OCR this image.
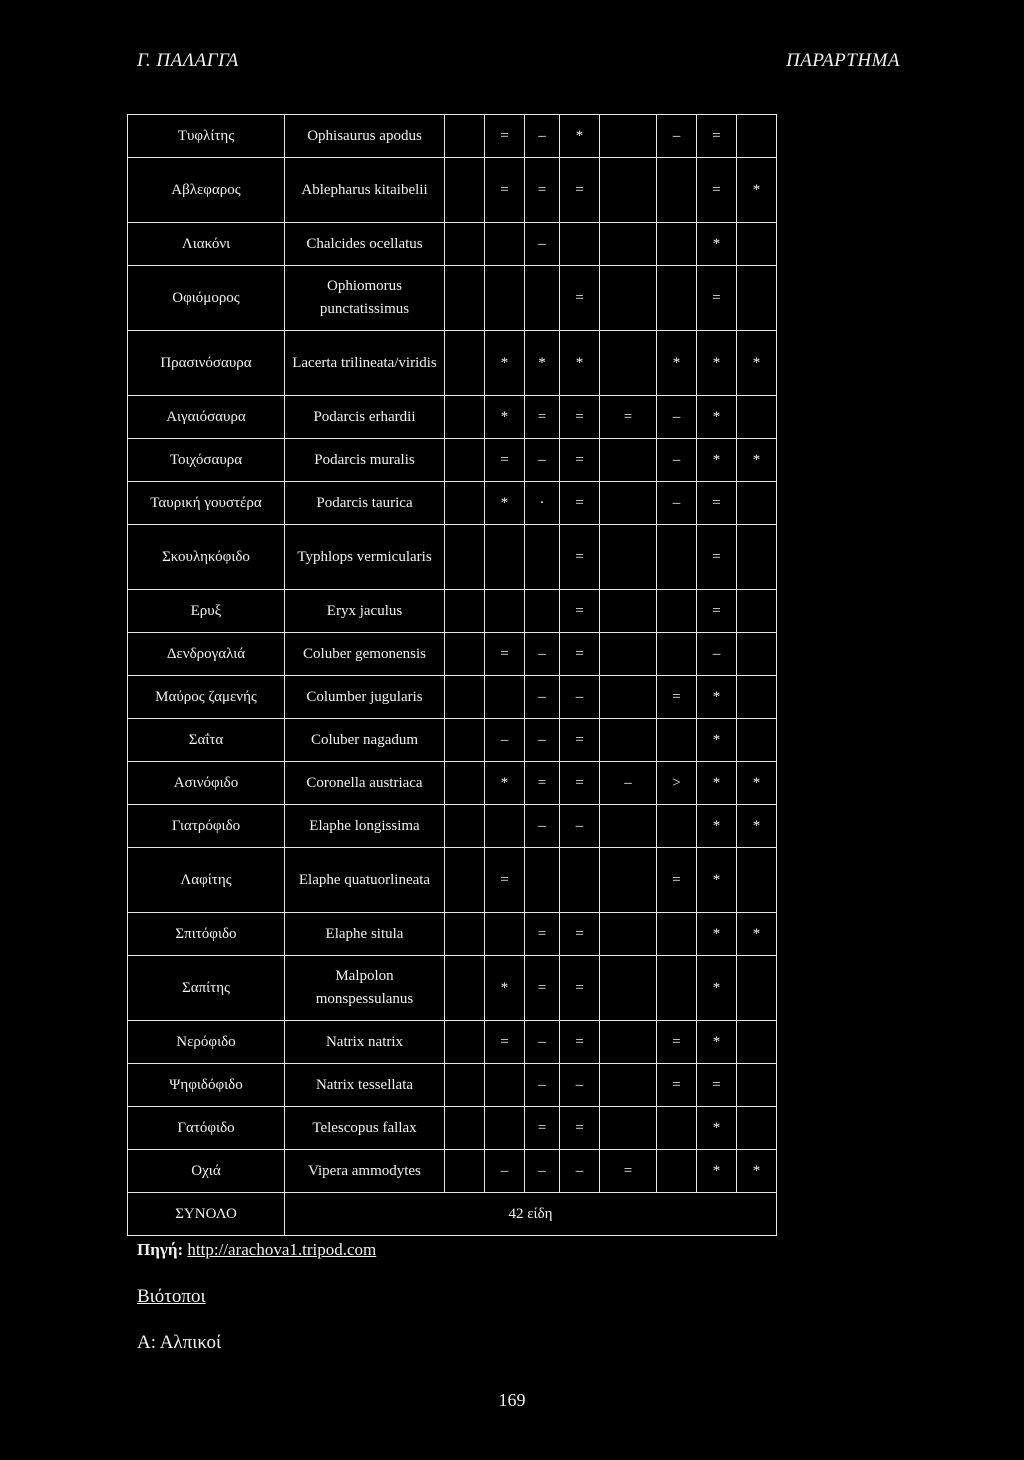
Γ. ΠΑΛΑΓΓΑ	ΠΑΡΑΡΤΗΜΑ
Τυφλίτης	Ophisaurus apodus		=	–	*		–	=	
Αβλεφαρος	Ablepharus kitaibelii		=	=	=			=	*
Λιακόνι	Chalcides ocellatus			–				*	
Οφιόμορος	Ophiomorus punctatissimus				=			=	
Πρασινόσαυρα	Lacerta trilineata/viridis		*	*	*		*	*	*
Αιγαιόσαυρα	Podarcis erhardii		*	=	=	=	–	*	
Τοιχόσαυρα	Podarcis muralis		=	–	=		–	*	*
Ταυρική γουστέρα	Podarcis taurica		*	·	=		–	=	
Σκουληκόφιδο	Typhlops vermicularis				=			=	
Ερυξ	Eryx jaculus				=			=	
Δενδρογαλιά	Coluber gemonensis		=	–	=			–	
Μαύρος ζαμενής	Columber jugularis			–	–		=	*	
Σαΐτα	Coluber nagadum		–	–	=			*	
Ασινόφιδο	Coronella austriaca		*	=	=	–	>	*	*
Γιατρόφιδο	Elaphe longissima			–	–			*	*
Λαφίτης	Elaphe quatuorlineata		=				=	*	
Σπιτόφιδο	Elaphe situla			=	=			*	*
Σαπίτης	Malpolon monspessulanus		*	=	=			*	
Νερόφιδο	Natrix natrix		=	–	=		=	*	
Ψηφιδόφιδο	Natrix tessellata			–	–		=	=	
Γατόφιδο	Telescopus fallax			=	=			*	
Οχιά	Vipera ammodytes		–	–	–	=		*	*
ΣΥΝΟΛΟ	42 είδη								
Πηγή: http://arachova1.tripod.com
Βιότοποι
Α: Αλπικοί
169
